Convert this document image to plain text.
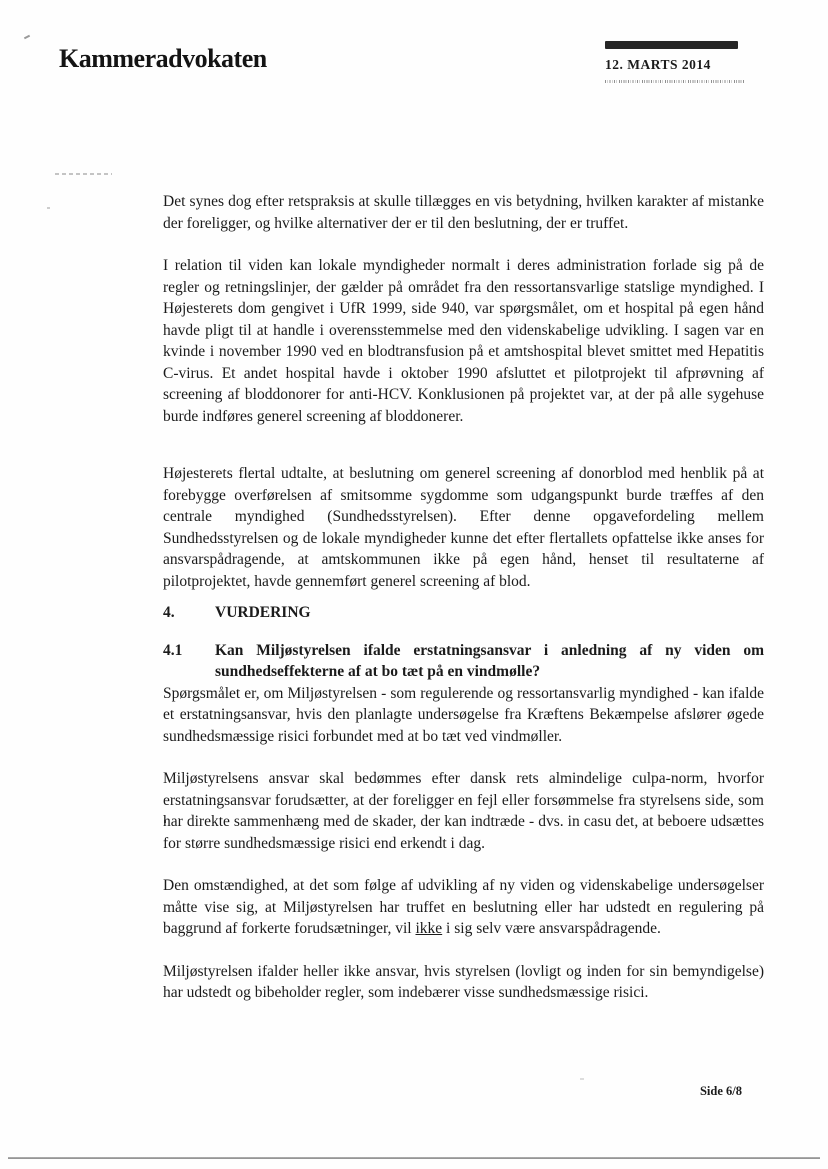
Kammeradvokaten	12. MARTS 2014

Det synes dog efter retspraksis at skulle tillægges en vis betydning, hvilken karakter af mistanke der foreligger, og hvilke alternativer der er til den beslutning, der er truffet.

I relation til viden kan lokale myndigheder normalt i deres administration forlade sig på de regler og retningslinjer, der gælder på området fra den ressortansvarlige statslige myndighed. I Højesterets dom gengivet i UfR 1999, side 940, var spørgsmålet, om et hospital på egen hånd havde pligt til at handle i overensstemmelse med den videnskabelige udvikling. I sagen var en kvinde i november 1990 ved en blodtransfusion på et amtshospital blevet smittet med Hepatitis C-virus. Et andet hospital havde i oktober 1990 afsluttet et pilotprojekt til afprøvning af screening af bloddonorer for anti-HCV. Konklusionen på projektet var, at der på alle sygehuse burde indføres generel screening af bloddonerer.

Højesterets flertal udtalte, at beslutning om generel screening af donorblod med henblik på at forebygge overførelsen af smitsomme sygdomme som udgangspunkt burde træffes af den centrale myndighed (Sundhedsstyrelsen). Efter denne opgavefordeling mellem Sundhedsstyrelsen og de lokale myndigheder kunne det efter flertallets opfattelse ikke anses for ansvarspådragende, at amtskommunen ikke på egen hånd, henset til resultaterne af pilotprojektet, havde gennemført generel screening af blod.

4.	VURDERING
4.1	Kan Miljøstyrelsen ifalde erstatningsansvar i anledning af ny viden om sundhedseffekterne af at bo tæt på en vindmølle?

Spørgsmålet er, om Miljøstyrelsen - som regulerende og ressortansvarlig myndighed - kan ifalde et erstatningsansvar, hvis den planlagte undersøgelse fra Kræftens Bekæmpelse afslører øgede sundhedsmæssige risici forbundet med at bo tæt ved vindmøller.

Miljøstyrelsens ansvar skal bedømmes efter dansk rets almindelige culpa-norm, hvorfor erstatningsansvar forudsætter, at der foreligger en fejl eller forsømmelse fra styrelsens side, som har direkte sammenhæng med de skader, der kan indtræde - dvs. in casu det, at beboere udsættes for større sundhedsmæssige risici end erkendt i dag.

Den omstændighed, at det som følge af udvikling af ny viden og videnskabelige undersøgelser måtte vise sig, at Miljøstyrelsen har truffet en beslutning eller har udstedt en regulering på baggrund af forkerte forudsætninger, vil ikke i sig selv være ansvarspådragende.

Miljøstyrelsen ifalder heller ikke ansvar, hvis styrelsen (lovligt og inden for sin bemyndigelse) har udstedt og bibeholder regler, som indebærer visse sundhedsmæssige risici.

Side 6/8
